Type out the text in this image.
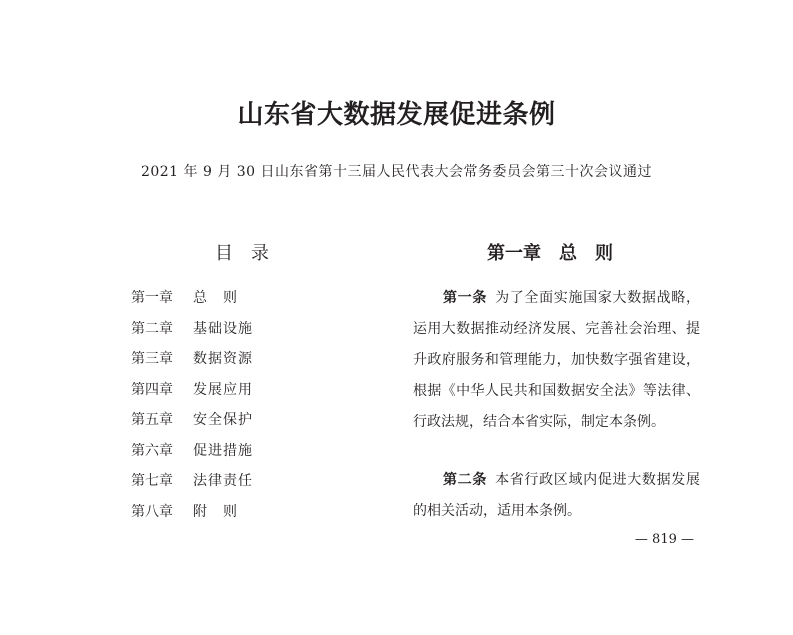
山东省大数据发展促进条例
2021 年 9 月 30 日山东省第十三届人民代表大会常务委员会第三十次会议通过
目　录
第一章 总　则
第二章 基础设施
第三章 数据资源
第四章 发展应用
第五章 安全保护
第六章 促进措施
第七章 法律责任
第八章 附　则
第一章　总　则

第一条 为了全面实施国家大数据战略，运用大数据推动经济发展、完善社会治理、提升政府服务和管理能力，加快数字强省建设，根据《中华人民共和国数据安全法》等法律、行政法规，结合本省实际，制定本条例。

第二条 本省行政区域内促进大数据发展的相关活动，适用本条例。

— 819 —
